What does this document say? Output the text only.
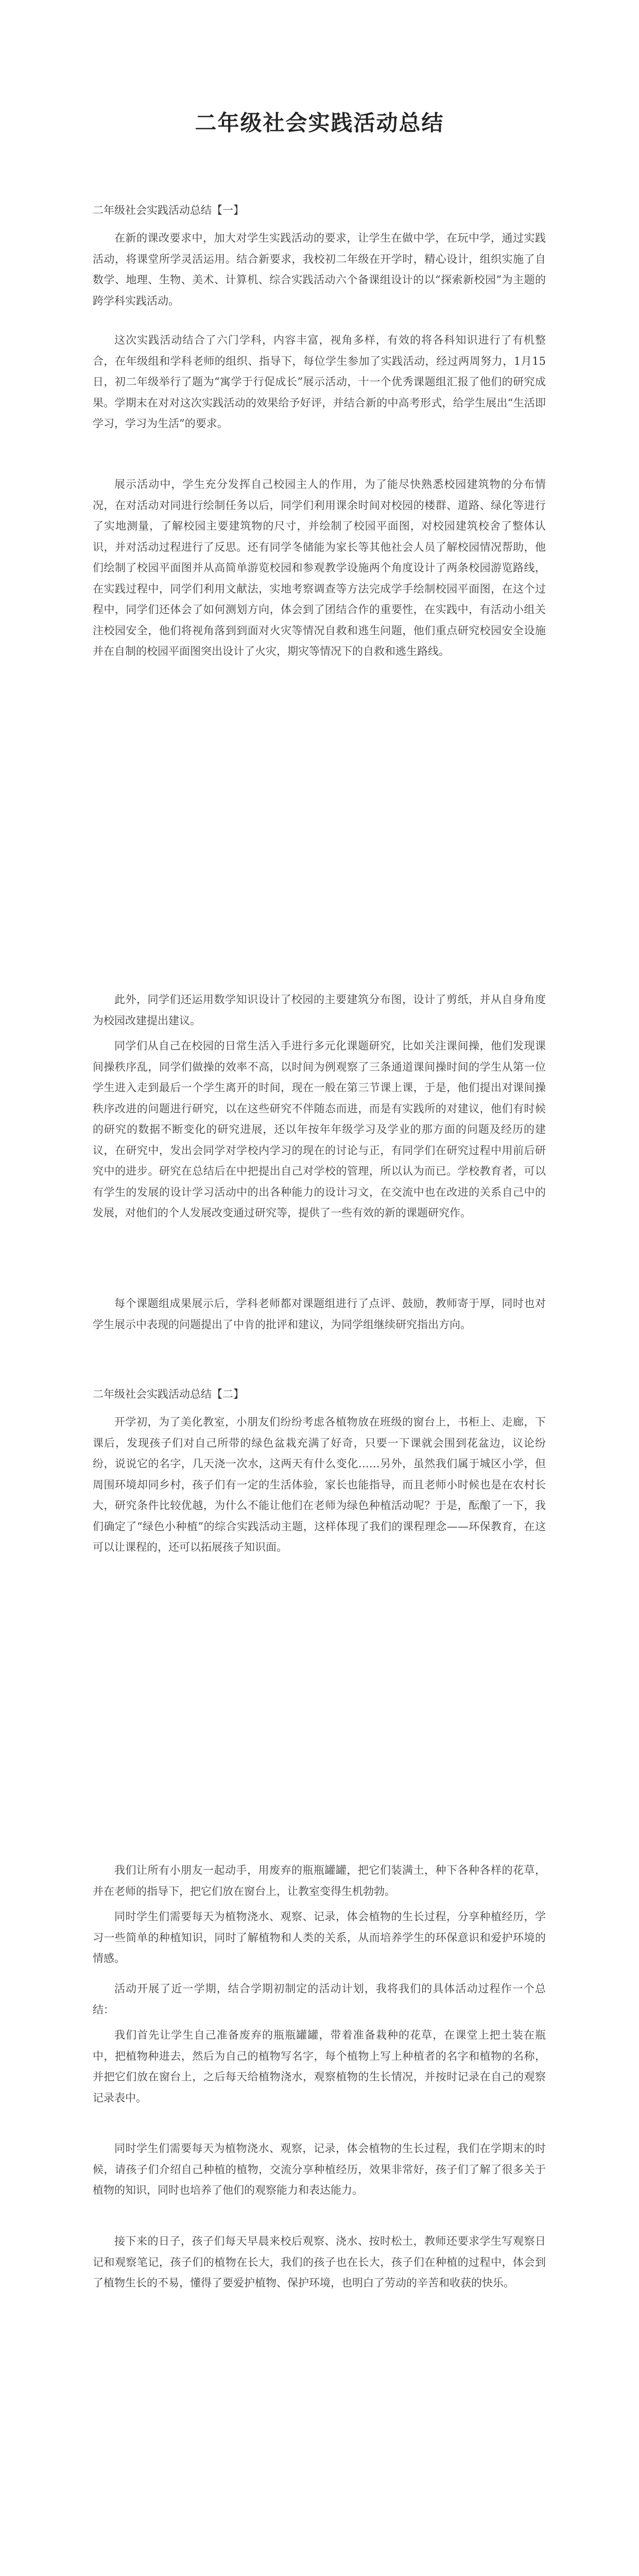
二年级社会实践活动总结

二年级社会实践活动总结【一】

在新的课改要求中，加大对学生实践活动的要求，让学生在做中学，在玩中学，通过实践活动，将课堂所学灵活运用。结合新要求，我校初二年级在开学时，精心设计，组织实施了自数学、地理、生物、美术、计算机、综合实践活动六个备课组设计的以“探索新校园”为主题的跨学科实践活动。

这次实践活动结合了六门学科，内容丰富，视角多样，有效的将各科知识进行了有机整合，在年级组和学科老师的组织、指导下，每位学生参加了实践活动，经过两周努力，1月15日，初二年级举行了题为“寓学于行促成长”展示活动，十一个优秀课题组汇报了他们的研究成果。学期末在对对这次实践活动的效果给予好评，并结合新的中高考形式，给学生展出“生活即学习，学习为生活”的要求。

展示活动中，学生充分发挥自己校园主人的作用，为了能尽快熟悉校园建筑物的分布情况，在对活动对同进行绘制任务以后，同学们利用课余时间对校园的楼群、道路、绿化等进行了实地测量，了解校园主要建筑物的尺寸，并绘制了校园平面图，对校园建筑校舍了整体认识，并对活动过程进行了反思。还有同学冬储能为家长等其他社会人员了解校园情况帮助，他们绘制了校园平面图并从高简单游览校园和参观教学设施两个角度设计了两条校园游览路线，在实践过程中，同学们利用文献法，实地考察调查等方法完成学手绘制校园平面图，在这个过程中，同学们还体会了如何测划方向，体会到了团结合作的重要性，在实践中，有活动小组关注校园安全，他们将视角落到到面对火灾等情况自救和逃生问题，他们重点研究校园安全设施并在自制的校园平面图突出设计了火灾，期灾等情况下的自救和逃生路线。

此外，同学们还运用数学知识设计了校园的主要建筑分布图，设计了剪纸，并从自身角度为校园改建提出建议。

同学们从自己在校园的日常生活入手进行多元化课题研究，比如关注课间操，他们发现课间操秩序乱，同学们做操的效率不高，以时间为例观察了三条通道课间操时间的学生从第一位学生进入走到最后一个学生离开的时间，现在一般在第三节课上课，于是，他们提出对课间操秩序改进的问题进行研究，以在这些研究不伴随态而进，而是有实践所的对建议，他们有时候的研究的数据不断变化的研究进展，还以年按年年级学习及学业的那方面的问题及经历的建议，在研究中，发出会同学对学校内学习的现在的讨论与正，有同学们在研究过程中用前后研究中的进步。研究在总结后在中把提出自己对学校的管理，所以认为而已。学校教育者，可以有学生的发展的设计学习活动中的出各种能力的设计习文，在交流中也在改进的关系自己中的发展，对他们的个人发展改变通过研究等，提供了一些有效的新的课题研究作。

每个课题组成果展示后，学科老师都对课题组进行了点评、鼓励，教师寄于厚，同时也对学生展示中表现的问题提出了中肯的批评和建议，为同学组继续研究指出方向。

二年级社会实践活动总结【二】

开学初，为了美化教室，小朋友们纷纷考虑各植物放在班级的窗台上，书柜上、走廊，下课后，发现孩子们对自己所带的绿色盆栽充满了好奇，只要一下课就会围到花盆边，议论纷纷，说说它的名字，几天浇一次水，这两天有什么变化……另外，虽然我们属于城区小学，但周围环境却同乡村，孩子们有一定的生活体验，家长也能指导，而且老师小时候也是在农村长大，研究条件比较优越，为什么不能让他们在老师为绿色种植活动呢？于是，酝酿了一下，我们确定了“绿色小种植”的综合实践活动主题，这样体现了我们的课程理念——环保教育，在这可以让课程的，还可以拓展孩子知识面。

我们让所有小朋友一起动手，用废弃的瓶瓶罐罐，把它们装满土，种下各种各样的花草，并在老师的指导下，把它们放在窗台上，让教室变得生机勃勃。

同时学生们需要每天为植物浇水、观察、记录，体会植物的生长过程，分享种植经历，学习一些简单的种植知识，同时了解植物和人类的关系，从而培养学生的环保意识和爱护环境的情感。

活动开展了近一学期，结合学期初制定的活动计划，我将我们的具体活动过程作一个总结：

我们首先让学生自己准备废弃的瓶瓶罐罐，带着准备栽种的花草，在课堂上把土装在瓶中，把植物种进去，然后为自己的植物写名字，每个植物上写上种植者的名字和植物的名称，并把它们放在窗台上，之后每天给植物浇水，观察植物的生长情况，并按时记录在自己的观察记录表中。

同时学生们需要每天为植物浇水、观察，记录，体会植物的生长过程，我们在学期末的时候，请孩子们介绍自己种植的植物，交流分享种植经历，效果非常好，孩子们了解了很多关于植物的知识，同时也培养了他们的观察能力和表达能力。

接下来的日子，孩子们每天早晨来校后观察、浇水、按时松土，教师还要求学生写观察日记和观察笔记，孩子们的植物在长大，我们的孩子也在长大，孩子们在种植的过程中，体会到了植物生长的不易，懂得了要爱护植物、保护环境，也明白了劳动的辛苦和收获的快乐。
